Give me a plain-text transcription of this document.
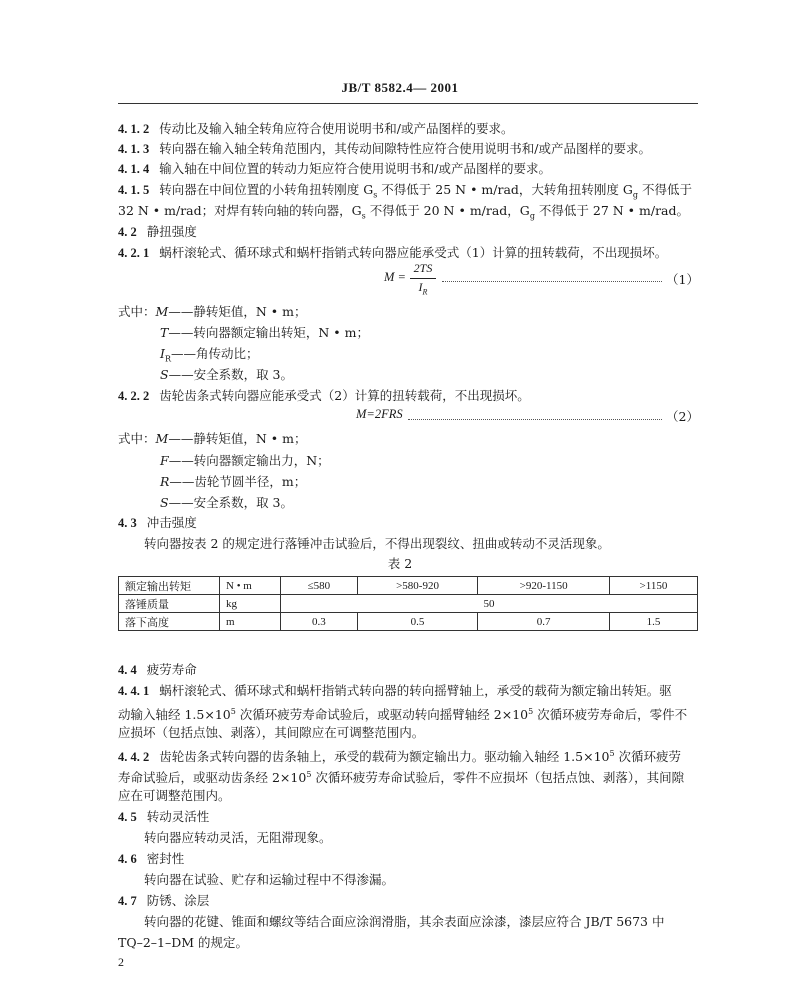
JB/T 8582.4— 2001
4. 1. 2 传动比及输入轴全转角应符合使用说明书和/或产品图样的要求。
4. 1. 3 转向器在输入轴全转角范围内，其传动间隙特性应符合使用说明书和/或产品图样的要求。
4. 1. 4 输入轴在中间位置的转动力矩应符合使用说明书和/或产品图样的要求。
4. 1. 5 转向器在中间位置的小转角扭转刚度 $G_s$ 不得低于 25 N • m/rad，大转角扭转刚度 $G_g$ 不得低于
32 N • m/rad；对焊有转向轴的转向器，$G_s$ 不得低于 20 N • m/rad，$G_g$ 不得低于 27 N • m/rad。
4. 2 静扭强度
4. 2. 1 蜗杆滚轮式、循环球式和蜗杆指销式转向器应能承受式（1）计算的扭转载荷，不出现损坏。
M =
2TS
$I_R$
（1）
式中：M——静转矩值，N • m；
T——转向器额定输出转矩，N • m；
$I_R——$角传动比；
S——安全系数，取 3。
4. 2. 2 齿轮齿条式转向器应能承受式（2）计算的扭转载荷，不出现损坏。
M=2FRS	（2）
式中：M——静转矩值，N • m；
F——转向器额定输出力，N；
R——齿轮节圆半径，m；
S——安全系数，取 3。
4. 3 冲击强度
转向器按表 2 的规定进行落锤冲击试验后，不得出现裂纹、扭曲或转动不灵活现象。
表 2
额定输出转矩	N • m	≤580	>580-920	>920-1150	>1150
落锤质量	kg	50			
落下高度	m	0.3	0.5	0.7	1.5
4. 4 疲劳寿命
4. 4. 1 蜗杆滚轮式、循环球式和蜗杆指销式转向器的转向摇臂轴上，承受的载荷为额定输出转矩。驱
动输入轴经 $1.5\times 10^5$ 次循环疲劳寿命试验后，或驱动转向摇臂轴经 $2\times 10^5$ 次循环疲劳寿命后，零件不
应损坏（包括点蚀、剥落），其间隙应在可调整范围内。
4. 4. 2 齿轮齿条式转向器的齿条轴上，承受的载荷为额定输出力。驱动输入轴经 $1.5\times 10^5$ 次循环疲劳
寿命试验后，或驱动齿条经 $2\times 10^5$ 次循环疲劳寿命试验后，零件不应损坏（包括点蚀、剥落），其间隙
应在可调整范围内。
4. 5 转动灵活性
转向器应转动灵活，无阻滞现象。
4. 6 密封性
转向器在试验、贮存和运输过程中不得渗漏。
4. 7 防锈、涂层
转向器的花键、锥面和螺纹等结合面应涂润滑脂，其余表面应涂漆，漆层应符合 JB/T 5673 中
TQ–2–1–DM 的规定。
2
